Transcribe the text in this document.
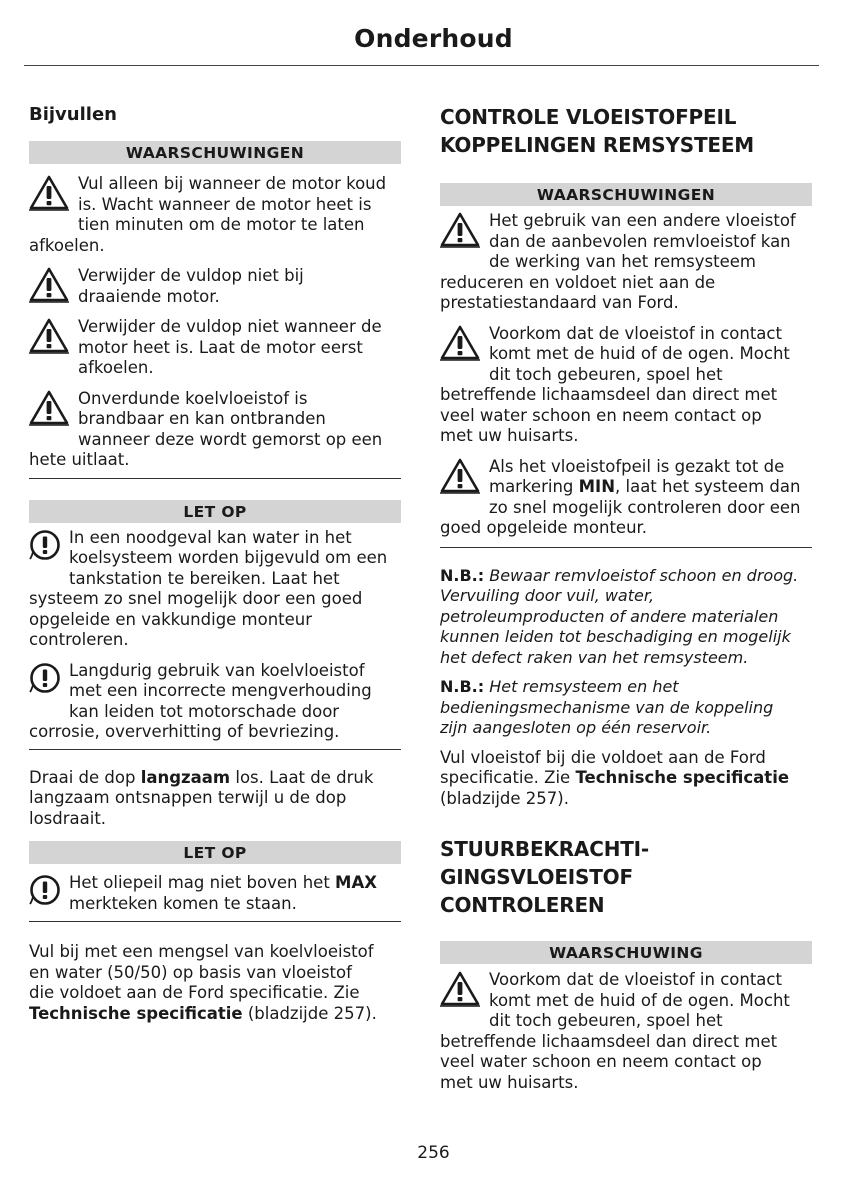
Onderhoud
Bijvullen
WAARSCHUWINGEN

Vul alleen bij wanneer de motor koud

is. Wacht wanneer de motor heet is

tien minuten om de motor te laten

afkoelen.

Verwijder de vuldop niet bij

draaiende motor.

Verwijder de vuldop niet wanneer de

motor heet is. Laat de motor eerst

afkoelen.

Onverdunde koelvloeistof is

brandbaar en kan ontbranden

wanneer deze wordt gemorst op een

hete uitlaat.

LET OP

In een noodgeval kan water in het

koelsysteem worden bijgevuld om een

tankstation te bereiken. Laat het

systeem zo snel mogelijk door een goed

opgeleide en vakkundige monteur

controleren.

Langdurig gebruik van koelvloeistof

met een incorrecte mengverhouding

kan leiden tot motorschade door

corrosie, oververhitting of bevriezing.

Draai de dop langzaam los. Laat de druk
langzaam ontsnappen terwijl u de dop
losdraait.
LET OP
Het oliepeil mag niet boven het MAX
merkteken komen te staan.
Vul bij met een mengsel van koelvloeistof
en water (50/50) op basis van vloeistof
die voldoet aan de Ford specificatie. Zie
Technische specificatie (bladzijde 257).
CONTROLE VLOEISTOFPEIL
KOPPELINGEN REMSYSTEEM
WAARSCHUWINGEN

Het gebruik van een andere vloeistof

dan de aanbevolen remvloeistof kan

de werking van het remsysteem

reduceren en voldoet niet aan de

prestatiestandaard van Ford.

Voorkom dat de vloeistof in contact

komt met de huid of de ogen. Mocht

dit toch gebeuren, spoel het

betreffende lichaamsdeel dan direct met

veel water schoon en neem contact op

met uw huisarts.

Als het vloeistofpeil is gezakt tot de
markering MIN, laat het systeem dan
zo snel mogelijk controleren door een
goed opgeleide monteur.
N.B.: Bewaar remvloeistof schoon en droog.
Vervuiling door vuil, water,
petroleumproducten of andere materialen
kunnen leiden tot beschadiging en mogelijk
het defect raken van het remsysteem.
N.B.: Het remsysteem en het
bedieningsmechanisme van de koppeling
zijn aangesloten op één reservoir.
Vul vloeistof bij die voldoet aan de Ford
specificatie. Zie Technische specificatie
(bladzijde 257).
STUURBEKRACHTI-
GINGSVLOEISTOF
CONTROLEREN
WAARSCHUWING

Voorkom dat de vloeistof in contact

komt met de huid of de ogen. Mocht

dit toch gebeuren, spoel het

betreffende lichaamsdeel dan direct met

veel water schoon en neem contact op

met uw huisarts.

256
